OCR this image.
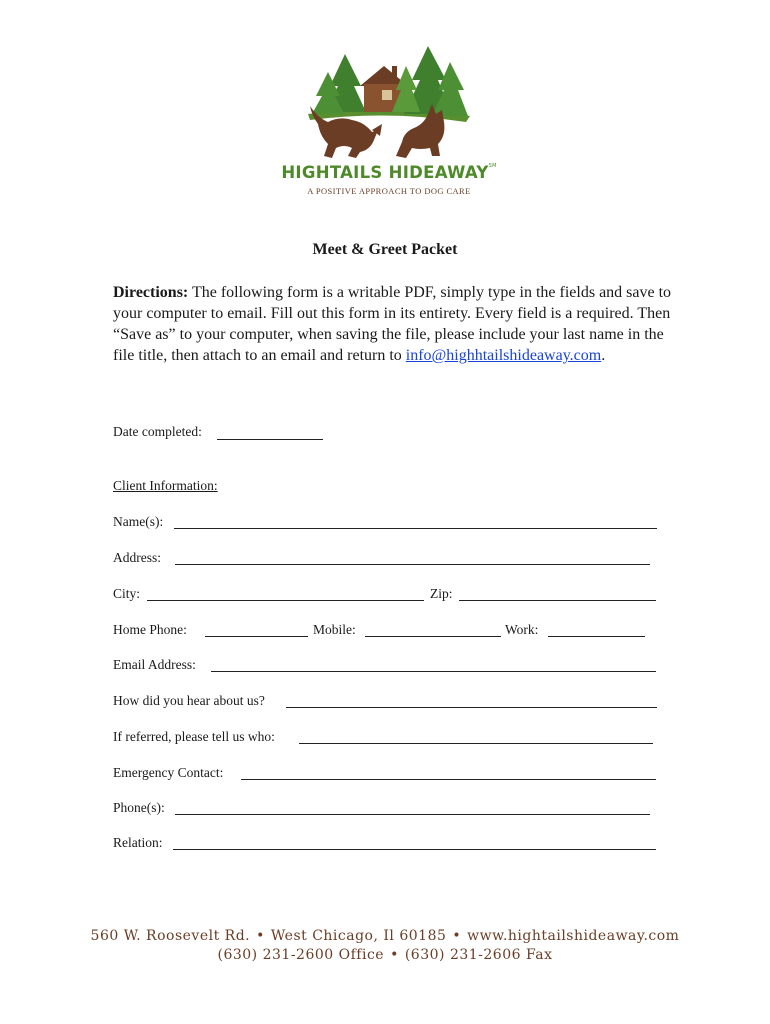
HIGHTAILS HIDEAWAY℠
A POSITIVE APPROACH TO DOG CARE
Meet & Greet Packet
Directions: The following form is a writable PDF, simply type in the fields and save to your computer to email. Fill out this form in its entirety. Every field is a required. Then “Save as” to your computer, when saving the file, please include your last name in the file title, then attach to an email and return to info@highhtailshideaway.com.
Date completed:
Client Information:
Name(s):
Address:
City:	Zip:
Home Phone:	Mobile:	Work:
Email Address:
How did you hear about us?
If referred, please tell us who:
Emergency Contact:
Phone(s):
Relation:
560 W. Roosevelt Rd. • West Chicago, Il 60185 • www.hightailshideaway.com
(630) 231-2600 Office • (630) 231-2606 Fax
